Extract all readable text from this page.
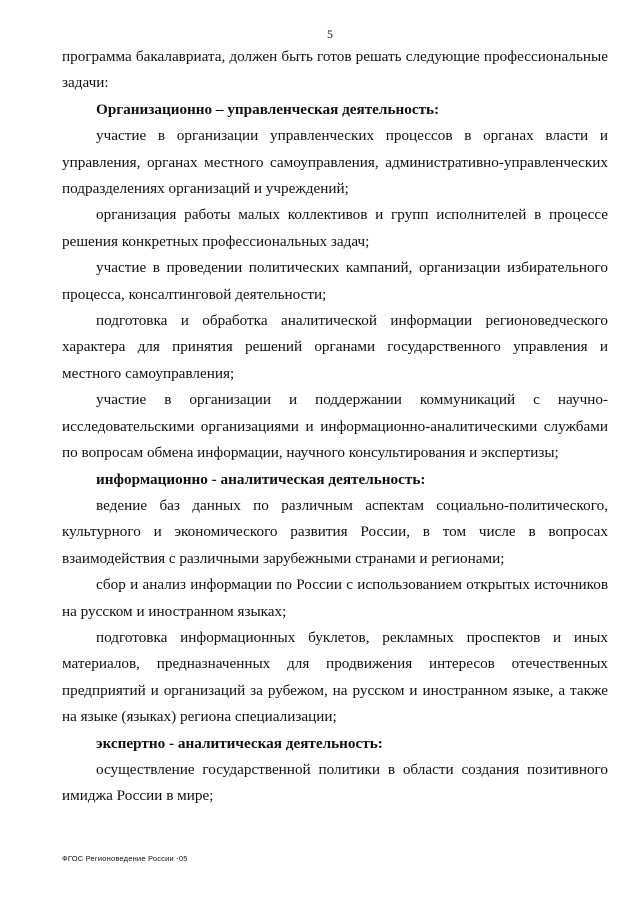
5

программа бакалавриата, должен быть готов решать следующие профессиональные задачи:

Организационно – управленческая деятельность:

участие в организации управленческих процессов в органах власти и управления, органах местного самоуправления, административно-управленческих подразделениях организаций и учреждений;

организация работы малых коллективов и групп исполнителей в процессе решения конкретных профессиональных задач;

участие в проведении политических кампаний, организации избирательного процесса, консалтинговой деятельности;

подготовка и обработка аналитической информации регионоведческого характера для принятия решений органами государственного управления и местного самоуправления;

участие в организации и поддержании коммуникаций с научно-исследовательскими организациями и информационно-аналитическими службами по вопросам обмена информации, научного консультирования и экспертизы;

информационно - аналитическая деятельность:

ведение баз данных по различным аспектам социально-политического, культурного и экономического развития России, в том числе в вопросах взаимодействия с различными зарубежными странами и регионами;

сбор и анализ информации по России с использованием открытых источников на русском и иностранном языках;

подготовка информационных буклетов, рекламных проспектов и иных материалов, предназначенных для продвижения интересов отечественных предприятий и организаций за рубежом, на русском и иностранном языке, а также на языке (языках) региона специализации;

экспертно - аналитическая деятельность:

осуществление государственной политики в области создания позитивного имиджа России в мире;

ФГОС Регионоведение России -05
